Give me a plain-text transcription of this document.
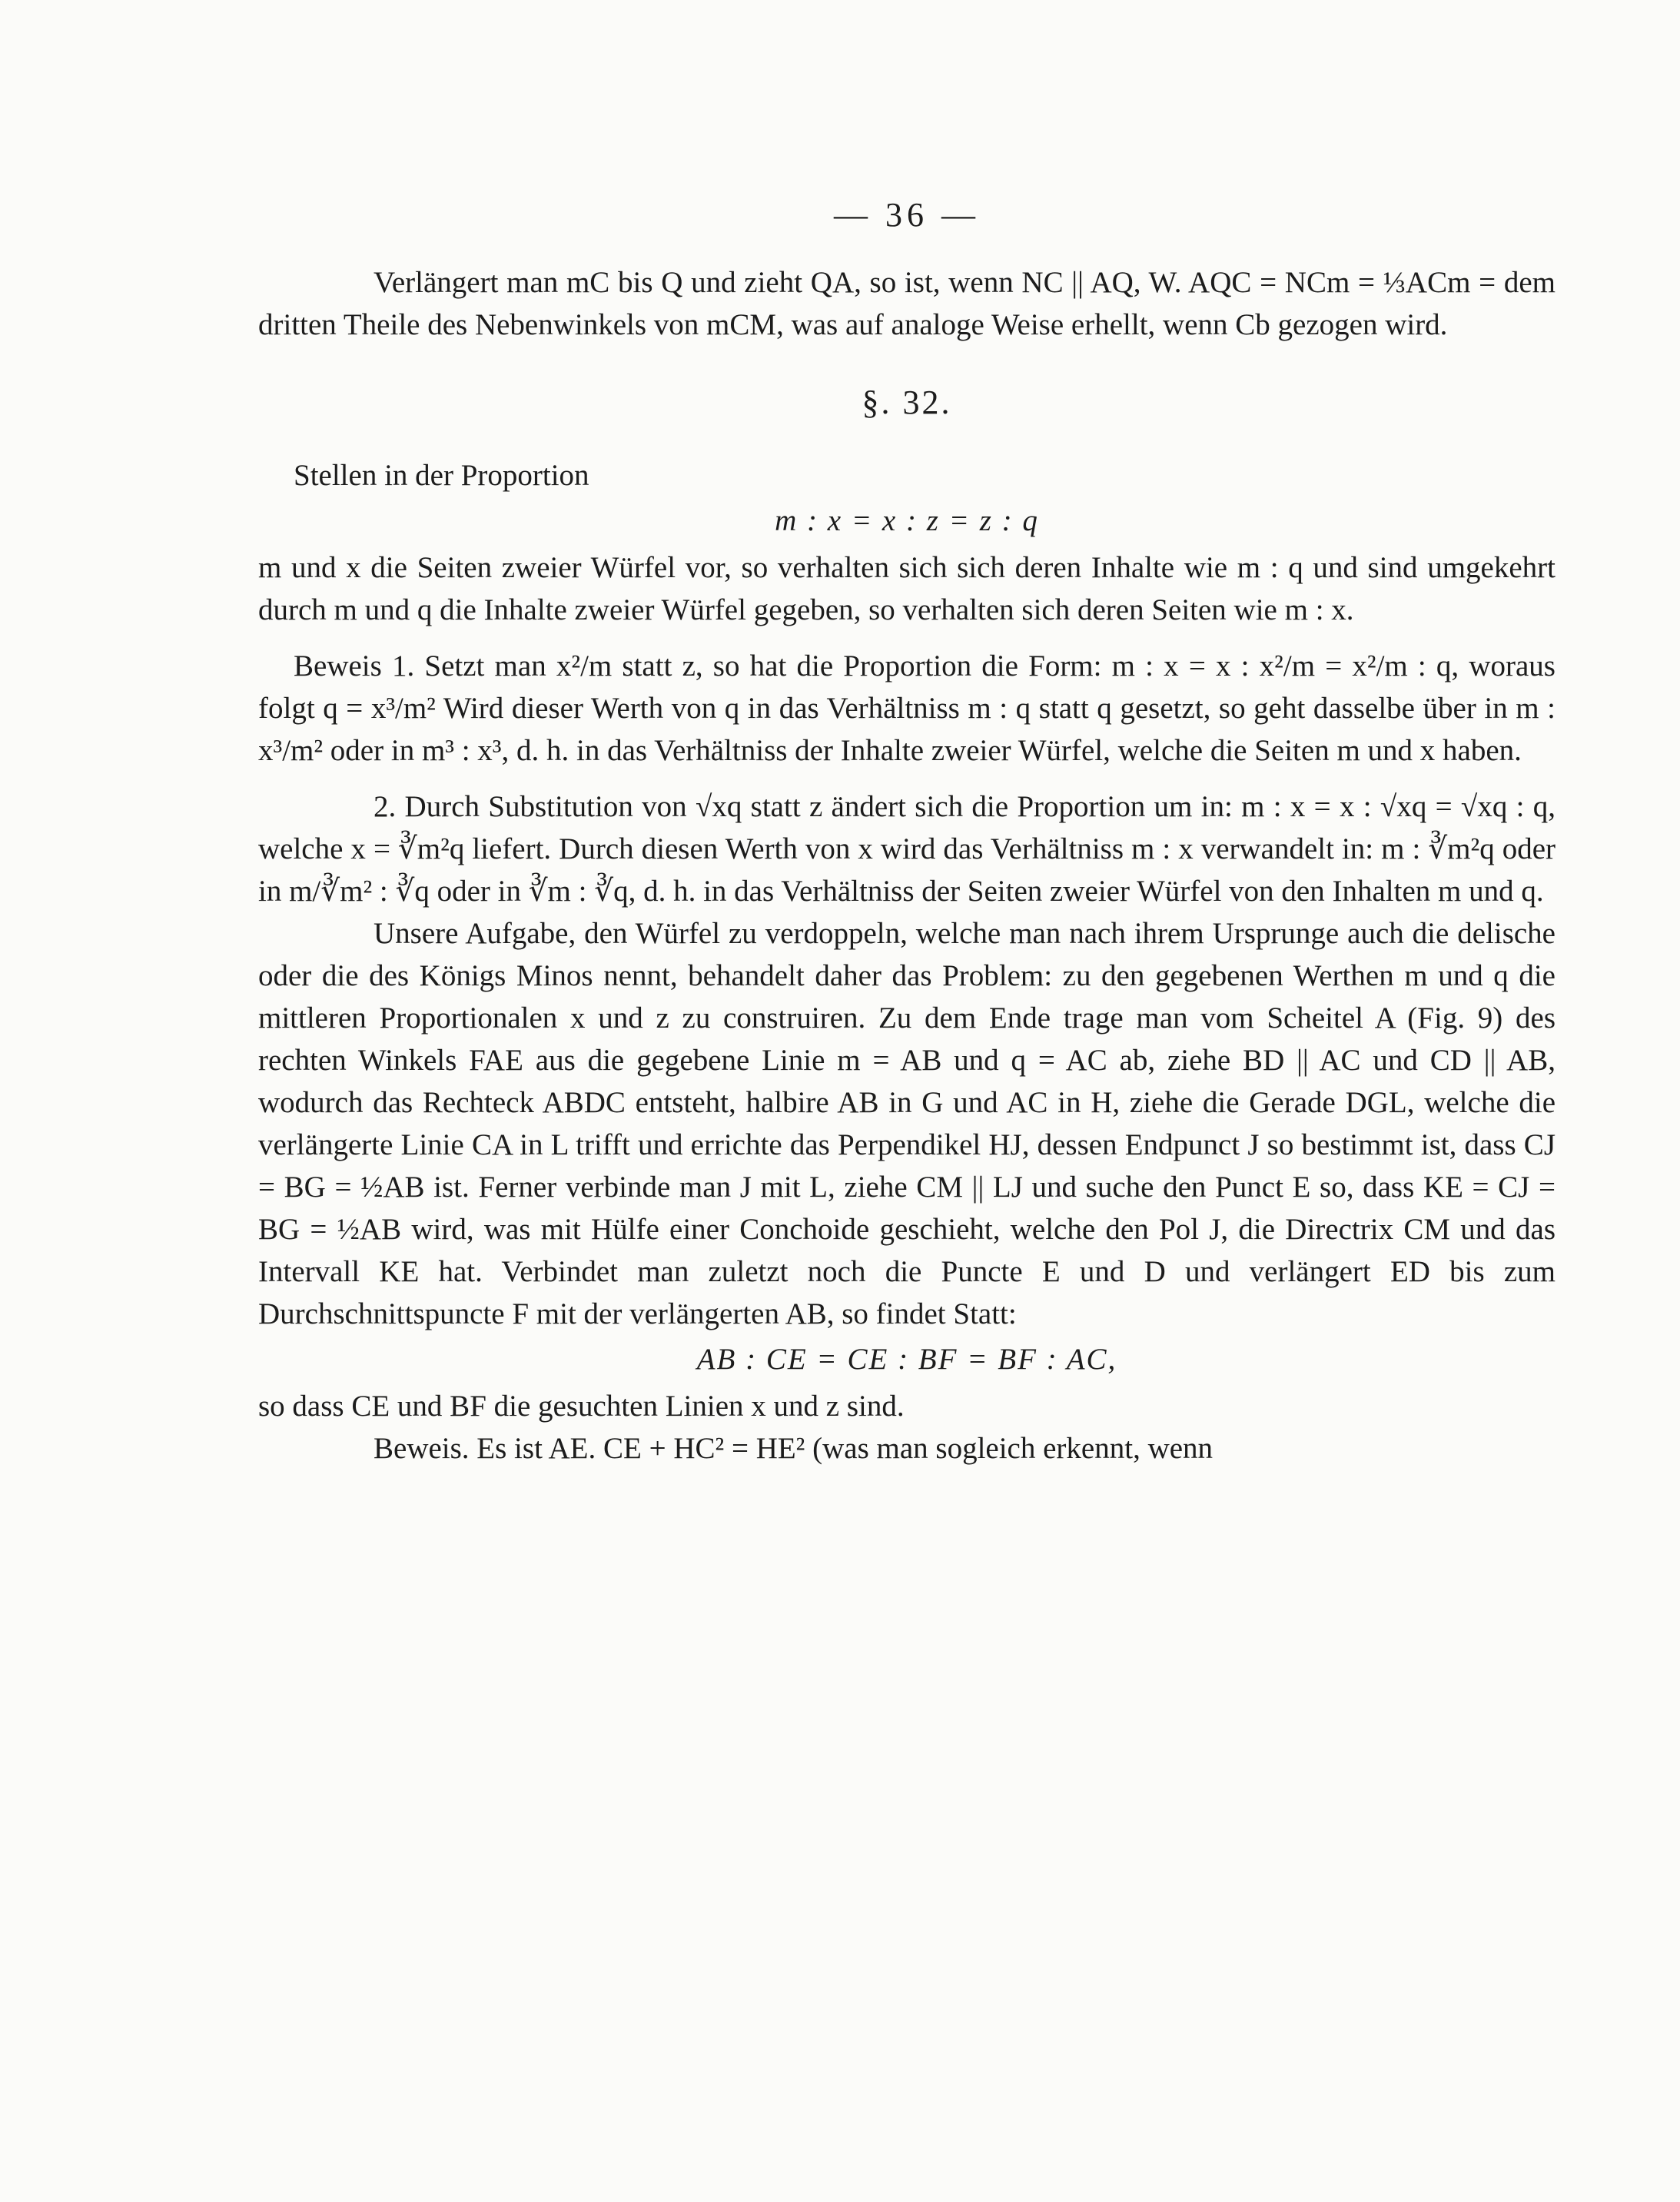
— 36 —

Verlängert man mC bis Q und zieht QA, so ist, wenn NC || AQ, W. AQC = NCm = ⅓ACm = dem dritten Theile des Nebenwinkels von mCM, was auf analoge Weise erhellt, wenn Cb gezogen wird.

§. 32.

Stellen in der Proportion

m : x = x : z = z : q

m und x die Seiten zweier Würfel vor, so verhalten sich sich deren Inhalte wie m : q und sind umgekehrt durch m und q die Inhalte zweier Würfel gegeben, so verhalten sich deren Seiten wie m : x.

Beweis 1. Setzt man x²/m statt z, so hat die Proportion die Form: m : x = x : x²/m = x²/m : q, woraus folgt q = x³/m² Wird dieser Werth von q in das Verhältniss m : q statt q gesetzt, so geht dasselbe über in m : x³/m² oder in m³ : x³, d. h. in das Verhältniss der Inhalte zweier Würfel, welche die Seiten m und x haben.

2. Durch Substitution von √xq statt z ändert sich die Proportion um in: m : x = x : √xq = √xq : q, welche x = ∛m²q liefert. Durch diesen Werth von x wird das Verhältniss m : x verwandelt in: m : ∛m²q oder in m/∛m² : ∛q oder in ∛m : ∛q, d. h. in das Verhältniss der Seiten zweier Würfel von den Inhalten m und q.

Unsere Aufgabe, den Würfel zu verdoppeln, welche man nach ihrem Ursprunge auch die delische oder die des Königs Minos nennt, behandelt daher das Problem: zu den gegebenen Werthen m und q die mittleren Proportionalen x und z zu construiren. Zu dem Ende trage man vom Scheitel A (Fig. 9) des rechten Winkels FAE aus die gegebene Linie m = AB und q = AC ab, ziehe BD || AC und CD || AB, wodurch das Rechteck ABDC entsteht, halbire AB in G und AC in H, ziehe die Gerade DGL, welche die verlängerte Linie CA in L trifft und errichte das Perpendikel HJ, dessen Endpunct J so bestimmt ist, dass CJ = BG = ½AB ist. Ferner verbinde man J mit L, ziehe CM || LJ und suche den Punct E so, dass KE = CJ = BG = ½AB wird, was mit Hülfe einer Conchoide geschieht, welche den Pol J, die Directrix CM und das Intervall KE hat. Verbindet man zuletzt noch die Puncte E und D und verlängert ED bis zum Durchschnittspuncte F mit der verlängerten AB, so findet Statt:

AB : CE = CE : BF = BF : AC,

so dass CE und BF die gesuchten Linien x und z sind.

Beweis. Es ist AE. CE + HC² = HE² (was man sogleich erkennt, wenn
